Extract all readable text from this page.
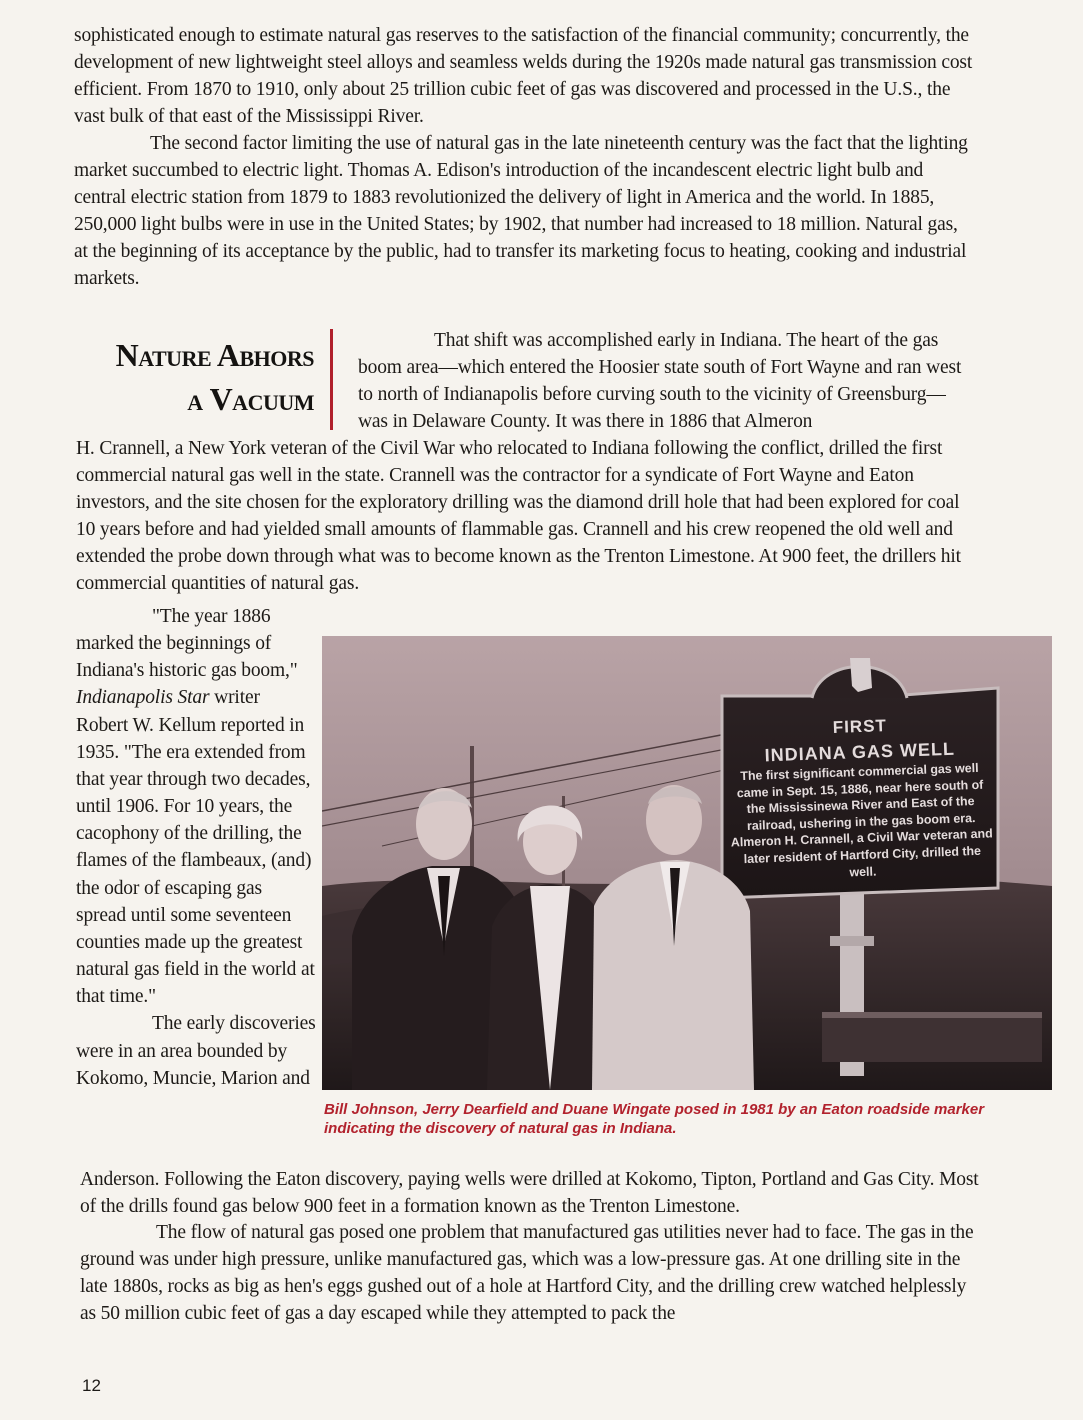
sophisticated enough to estimate natural gas reserves to the satisfaction of the financial community; concurrently, the development of new lightweight steel alloys and seamless welds during the 1920s made natural gas transmission cost efficient. From 1870 to 1910, only about 25 trillion cubic feet of gas was discovered and processed in the U.S., the vast bulk of that east of the Mississippi River.

The second factor limiting the use of natural gas in the late nineteenth century was the fact that the lighting market succumbed to electric light. Thomas A. Edison's introduction of the incandescent electric light bulb and central electric station from 1879 to 1883 revolutionized the delivery of light in America and the world. In 1885, 250,000 light bulbs were in use in the United States; by 1902, that number had increased to 18 million. Natural gas, at the beginning of its acceptance by the public, had to transfer its marketing focus to heating, cooking and industrial markets.

Nature Abhors
a Vacuum

That shift was accomplished early in Indiana. The heart of the gas boom area—which entered the Hoosier state south of Fort Wayne and ran west to north of Indianapolis before curving south to the vicinity of Greensburg—was in Delaware County. It was there in 1886 that Almeron

H. Crannell, a New York veteran of the Civil War who relocated to Indiana following the conflict, drilled the first commercial natural gas well in the state. Crannell was the contractor for a syndicate of Fort Wayne and Eaton investors, and the site chosen for the exploratory drilling was the diamond drill hole that had been explored for coal 10 years before and had yielded small amounts of flammable gas. Crannell and his crew reopened the old well and extended the probe down through what was to become known as the Trenton Limestone. At 900 feet, the drillers hit commercial quantities of natural gas.

"The year 1886 marked the beginnings of Indiana's historic gas boom," Indianapolis Star writer Robert W. Kellum reported in 1935. "The era extended from that year through two decades, until 1906. For 10 years, the cacophony of the drilling, the flames of the flambeaux, (and) the odor of escaping gas spread until some seventeen counties made up the greatest natural gas field in the world at that time."
The early discoveries were in an area bounded by Kokomo, Muncie, Marion and

FIRST
INDIANA GAS WELL
The first significant commercial gas well came in Sept. 15, 1886, near here south of the Mississinewa River and East of the railroad, ushering in the gas boom era. Almeron H. Crannell, a Civil War veteran and later resident of Hartford City, drilled the well.
Bill Johnson, Jerry Dearfield and Duane Wingate posed in 1981 by an Eaton roadside marker indicating the discovery of natural gas in Indiana.

Anderson. Following the Eaton discovery, paying wells were drilled at Kokomo, Tipton, Portland and Gas City. Most of the drills found gas below 900 feet in a formation known as the Trenton Limestone.

The flow of natural gas posed one problem that manufactured gas utilities never had to face. The gas in the ground was under high pressure, unlike manufactured gas, which was a low-pressure gas. At one drilling site in the late 1880s, rocks as big as hen's eggs gushed out of a hole at Hartford City, and the drilling crew watched helplessly as 50 million cubic feet of gas a day escaped while they attempted to pack the

12
